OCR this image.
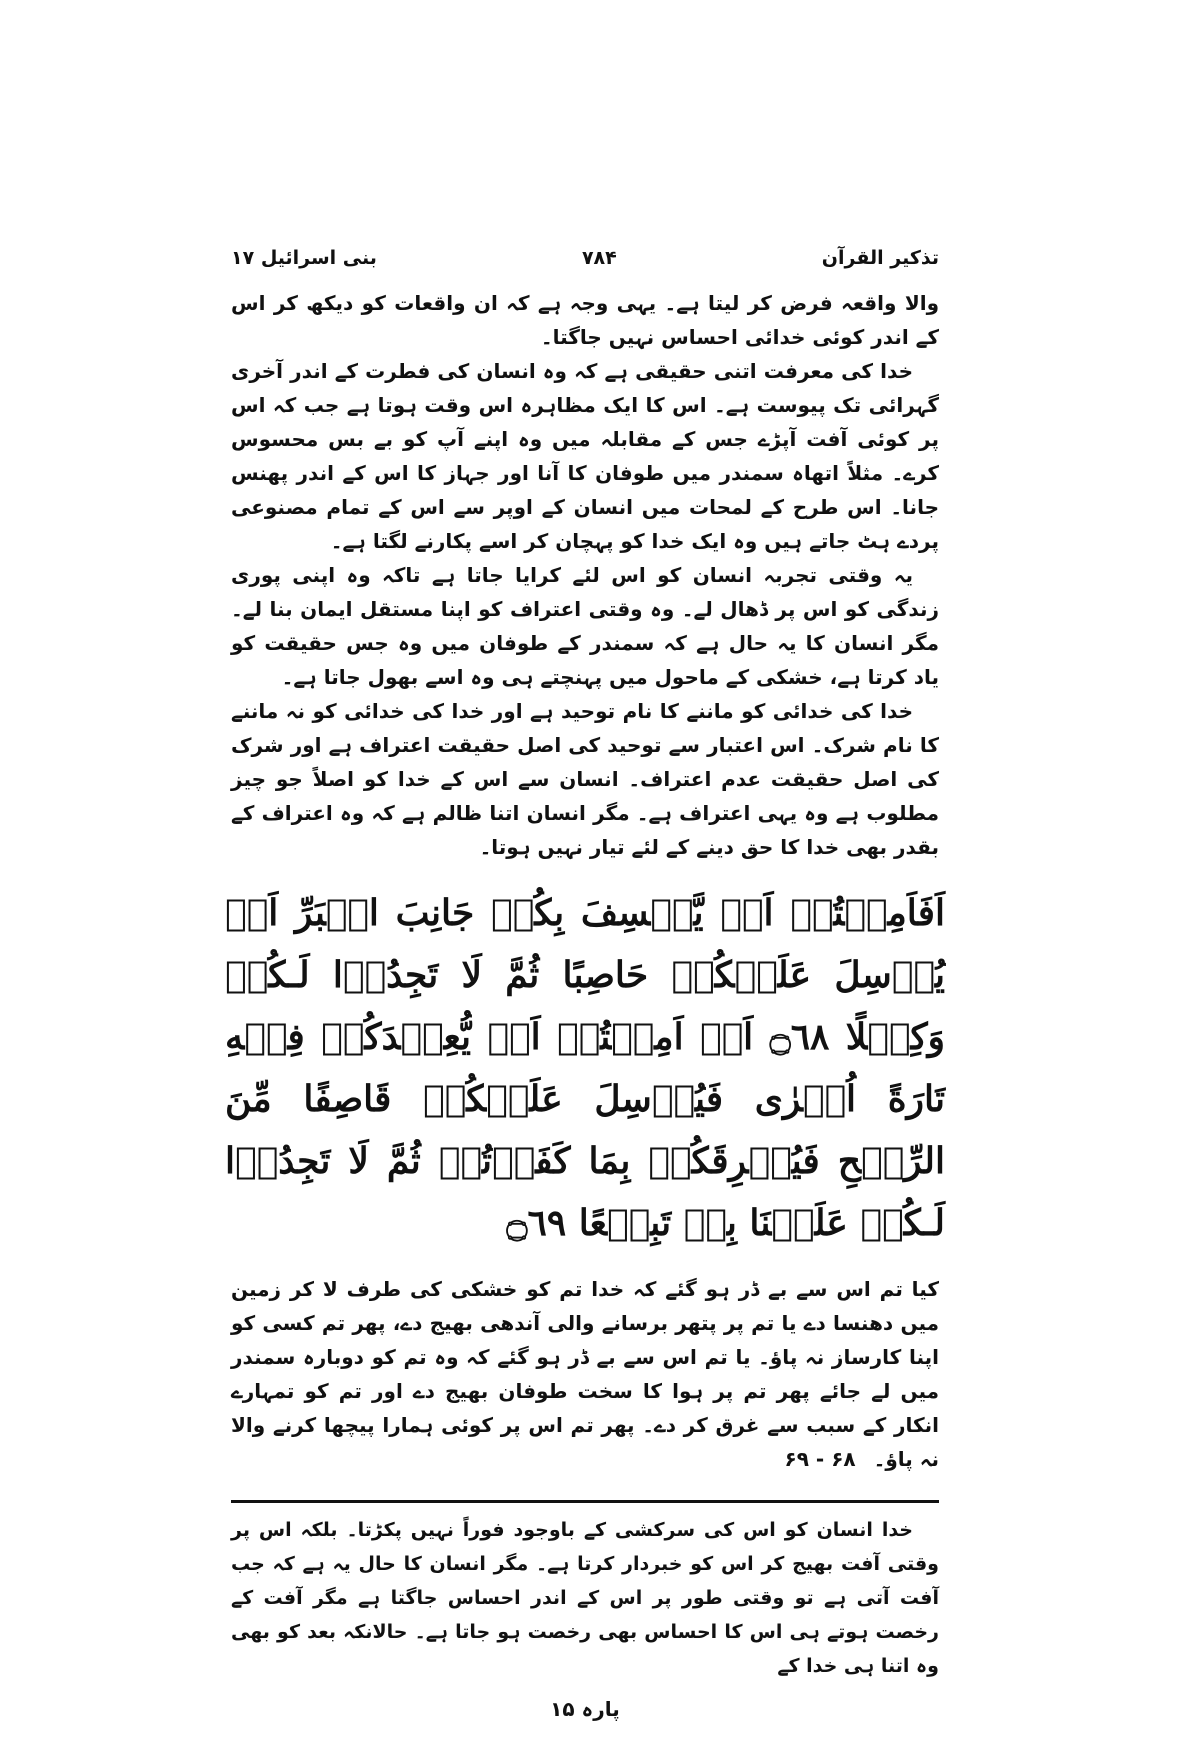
بنی اسرائیل ۱۷	۷۸۴	تذکیر القرآن

والا واقعہ فرض کر لیتا ہے۔ یہی وجہ ہے کہ ان واقعات کو دیکھ کر اس کے اندر کوئی خدائی احساس نہیں جاگتا۔

خدا کی معرفت اتنی حقیقی ہے کہ وہ انسان کی فطرت کے اندر آخری گہرائی تک پیوست ہے۔ اس کا ایک مظاہرہ اس وقت ہوتا ہے جب کہ اس پر کوئی آفت آپڑے جس کے مقابلہ میں وہ اپنے آپ کو بے بس محسوس کرے۔ مثلاً اتھاہ سمندر میں طوفان کا آنا اور جہاز کا اس کے اندر پھنس جانا۔ اس طرح کے لمحات میں انسان کے اوپر سے اس کے تمام مصنوعی پردے ہٹ جاتے ہیں وہ ایک خدا کو پہچان کر اسے پکارنے لگتا ہے۔

یہ وقتی تجربہ انسان کو اس لئے کرایا جاتا ہے تاکہ وہ اپنی پوری زندگی کو اس پر ڈھال لے۔ وہ وقتی اعتراف کو اپنا مستقل ایمان بنا لے۔ مگر انسان کا یہ حال ہے کہ سمندر کے طوفان میں وہ جس حقیقت کو یاد کرتا ہے، خشکی کے ماحول میں پہنچتے ہی وہ اسے بھول جاتا ہے۔

خدا کی خدائی کو ماننے کا نام توحید ہے اور خدا کی خدائی کو نہ ماننے کا نام شرک۔ اس اعتبار سے توحید کی اصل حقیقت اعتراف ہے اور شرک کی اصل حقیقت عدم اعتراف۔ انسان سے اس کے خدا کو اصلاً جو چیز مطلوب ہے وہ یہی اعتراف ہے۔ مگر انسان اتنا ظالم ہے کہ وہ اعتراف کے بقدر بھی خدا کا حق دینے کے لئے تیار نہیں ہوتا۔

اَفَاَمِنۡتُمۡ اَنۡ يَّخۡسِفَ بِكُمۡ جَانِبَ الۡبَرِّ اَوۡ يُرۡسِلَ عَلَيۡكُمۡ حَاصِبًا ثُمَّ لَا تَجِدُوۡا لَـكُمۡ وَكِيۡلًا ۝٦٨ اَمۡ اَمِنۡتُمۡ اَنۡ يُّعِيۡدَكُمۡ فِيۡهِ تَارَةً اُخۡرٰى فَيُرۡسِلَ عَلَيۡكُمۡ قَاصِفًا مِّنَ الرِّيۡحِ فَيُغۡرِقَكُمۡ بِمَا كَفَرۡتُمۡ ثُمَّ لَا تَجِدُوۡا لَـكُمۡ عَلَيۡنَا بِهٖ تَبِيۡعًا ۝٦٩

کیا تم اس سے بے ڈر ہو گئے کہ خدا تم کو خشکی کی طرف لا کر زمین میں دھنسا دے یا تم پر پتھر برسانے والی آندھی بھیج دے، پھر تم کسی کو اپنا کارساز نہ پاؤ۔ یا تم اس سے بے ڈر ہو گئے کہ وہ تم کو دوبارہ سمندر میں لے جائے پھر تم پر ہوا کا سخت طوفان بھیج دے اور تم کو تمہارے انکار کے سبب سے غرق کر دے۔ پھر تم اس پر کوئی ہمارا پیچھا کرنے والا نہ پاؤ۔۶۸ - ۶۹

خدا انسان کو اس کی سرکشی کے باوجود فوراً نہیں پکڑتا۔ بلکہ اس پر وقتی آفت بھیج کر اس کو خبردار کرتا ہے۔ مگر انسان کا حال یہ ہے کہ جب آفت آتی ہے تو وقتی طور پر اس کے اندر احساس جاگتا ہے مگر آفت کے رخصت ہوتے ہی اس کا احساس بھی رخصت ہو جاتا ہے۔ حالانکہ بعد کو بھی وہ اتنا ہی خدا کے

پارہ ۱۵
